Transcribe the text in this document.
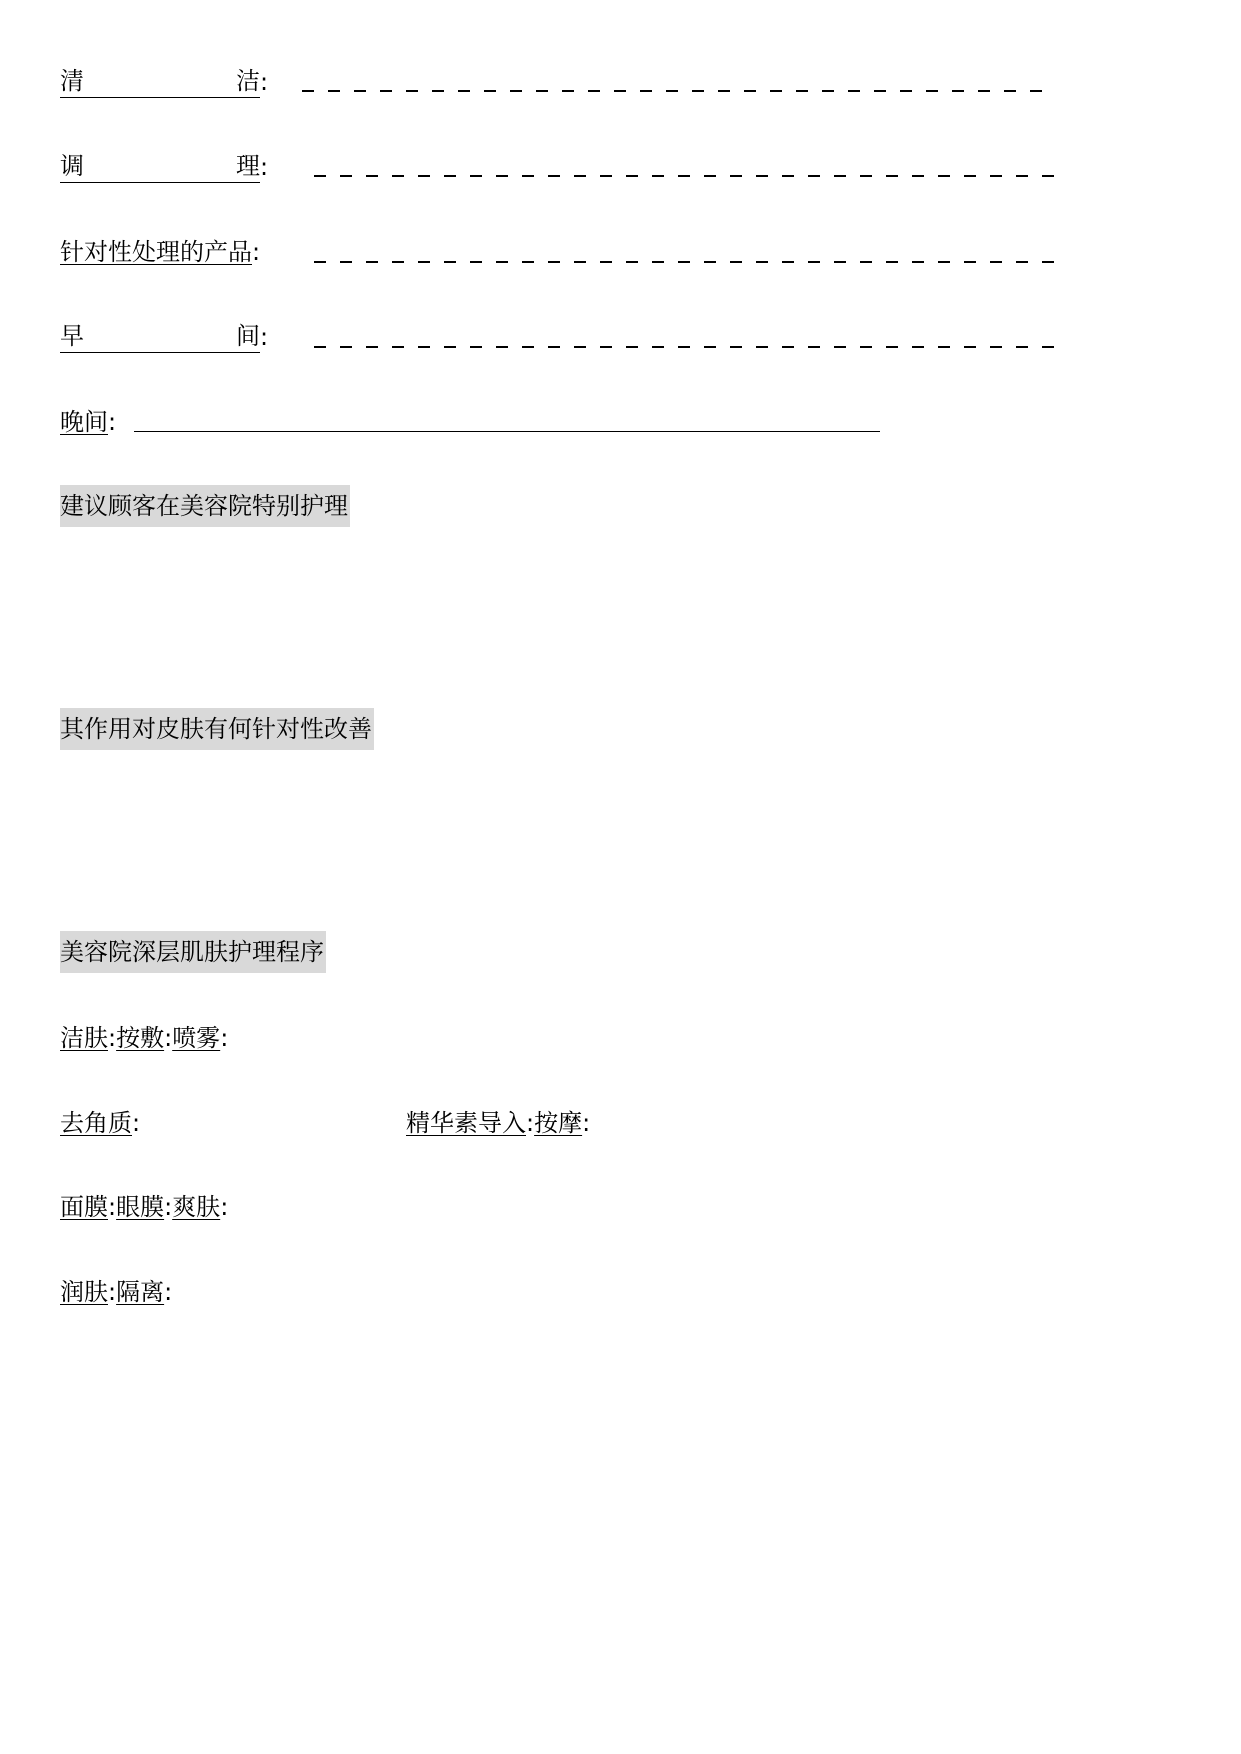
清	洁 :
调	理 :
针对性处理的产品:
早	间 :
晚间:
建议顾客在美容院特别护理
其作用对皮肤有何针对性改善
美容院深层肌肤护理程序
洁肤:按敷:喷雾:
去角质:	精华素导入:按摩:
面膜:眼膜:爽肤:
润肤:隔离:
